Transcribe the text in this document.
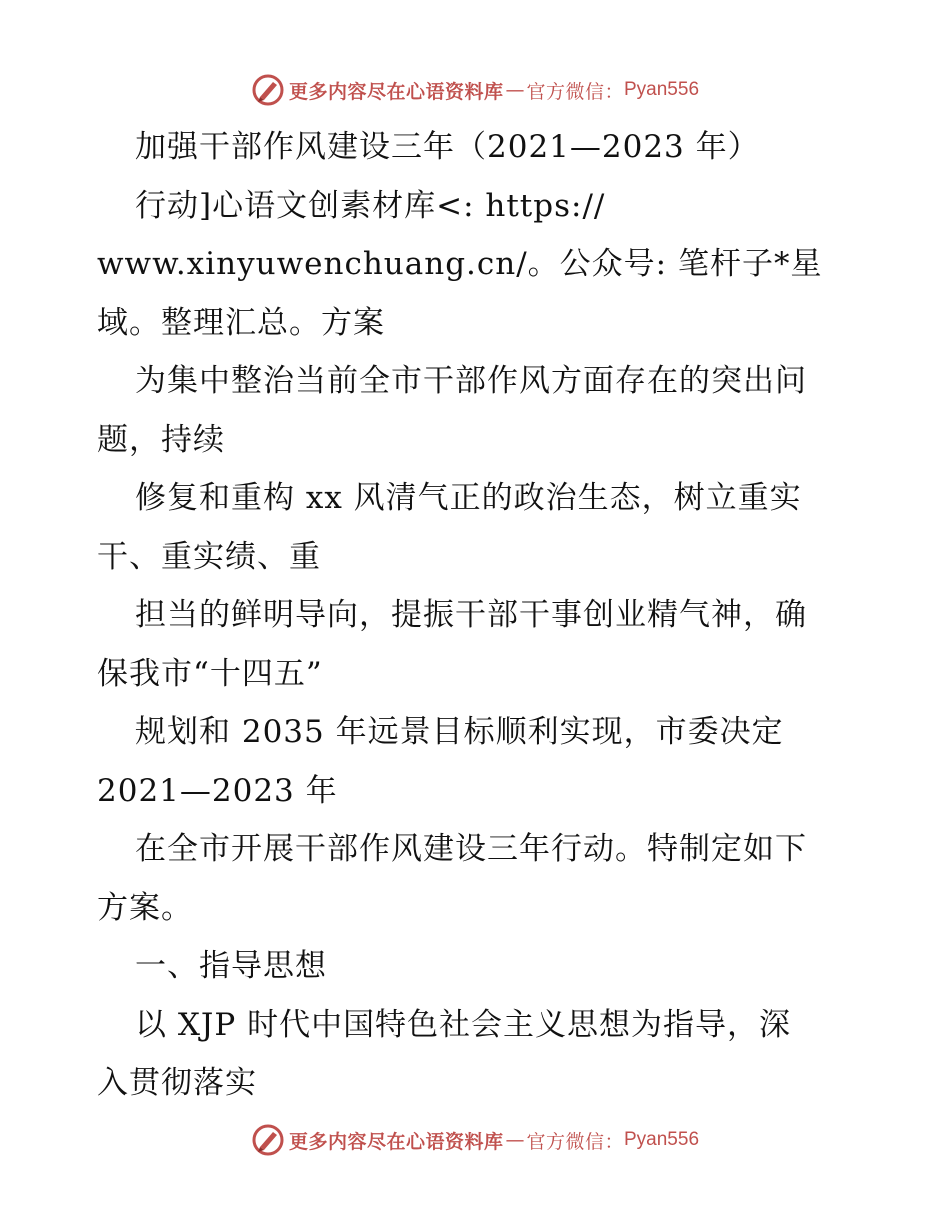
更多内容尽在心语资料库 — 官方微信： Pyan556
加强干部作风建设三年（2021—2023 年）
行动]心语文创素材库<: https://
www.xinyuwenchuang.cn/。公众号: 笔杆子*星
域。整理汇总。方案
为集中整治当前全市干部作风方面存在的突出问
题，持续
修复和重构 xx 风清气正的政治生态，树立重实
干、重实绩、重
担当的鲜明导向，提振干部干事创业精气神，确
保我市“十四五”
规划和 2035 年远景目标顺利实现，市委决定
2021—2023 年
在全市开展干部作风建设三年行动。特制定如下
方案。
一、指导思想
以 XJP 时代中国特色社会主义思想为指导，深
入贯彻落实
更多内容尽在心语资料库 — 官方微信： Pyan556
